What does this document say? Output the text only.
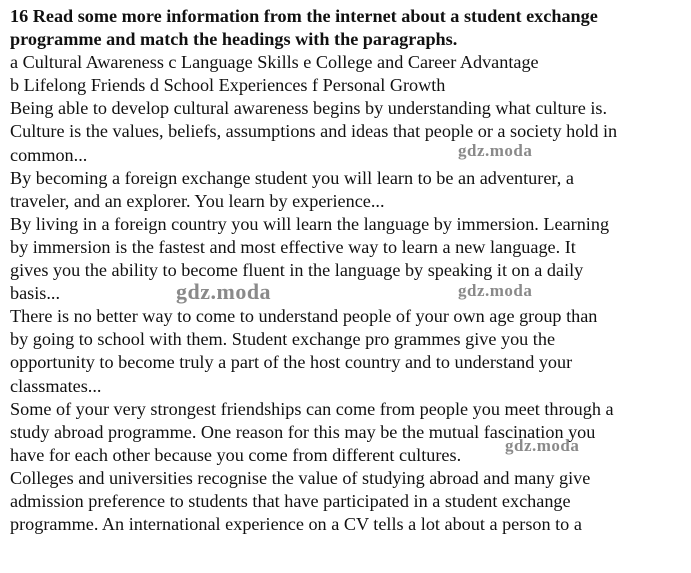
16 Read some more information from the internet about a student exchange
programme and match the headings with the paragraphs.
a Cultural Awareness c Language Skills e College and Career Advantage
b Lifelong Friends d School Experiences f Personal Growth
Being able to develop cultural awareness begins by understanding what culture is.
Culture is the values, beliefs, assumptions and ideas that people or a society hold in
common...
By becoming a foreign exchange student you will learn to be an adventurer, a
traveler, and an explorer. You learn by experience...
By living in a foreign country you will learn the language by immersion. Learning
by immersion is the fastest and most effective way to learn a new language. It
gives you the ability to become fluent in the language by speaking it on a daily
basis...
There is no better way to come to understand people of your own age group than
by going to school with them. Student exchange pro grammes give you the
opportunity to become truly a part of the host country and to understand your
classmates...
Some of your very strongest friendships can come from people you meet through a
study abroad programme. One reason for this may be the mutual fascination you
have for each other because you come from different cultures.
Colleges and universities recognise the value of studying abroad and many give
admission preference to students that have participated in a student exchange
programme. An international experience on a CV tells a lot about a person to a
gdz.moda
gdz.moda	gdz.moda
gdz.moda
